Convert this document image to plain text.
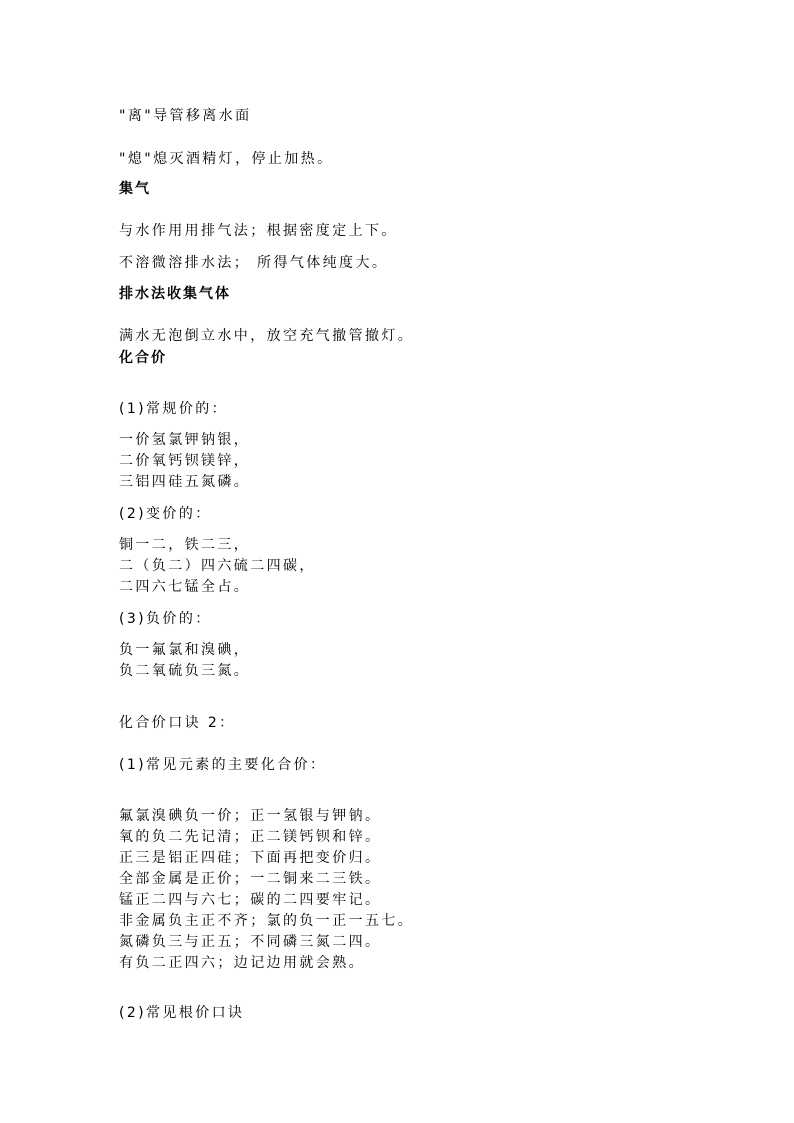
"离"导管移离水面
"熄"熄灭酒精灯，停止加热。
集气
与水作用用排气法；根据密度定上下。
不溶微溶排水法； 所得气体纯度大。
排水法收集气体
满水无泡倒立水中，放空充气撤管撤灯。
化合价
(1)常规价的：
一价氢氯钾钠银，
二价氧钙钡镁锌，
三铝四硅五氮磷。
(2)变价的：
铜一二，铁二三，
二（负二）四六硫二四碳，
二四六七锰全占。
(3)负价的：
负一氟氯和溴碘，
负二氧硫负三氮。
化合价口诀 2：
(1)常见元素的主要化合价：
氟氯溴碘负一价；正一氢银与钾钠。
氧的负二先记清；正二镁钙钡和锌。
正三是铝正四硅；下面再把变价归。
全部金属是正价；一二铜来二三铁。
锰正二四与六七；碳的二四要牢记。
非金属负主正不齐；氯的负一正一五七。
氮磷负三与正五；不同磷三氮二四。
有负二正四六；边记边用就会熟。
(2)常见根价口诀
